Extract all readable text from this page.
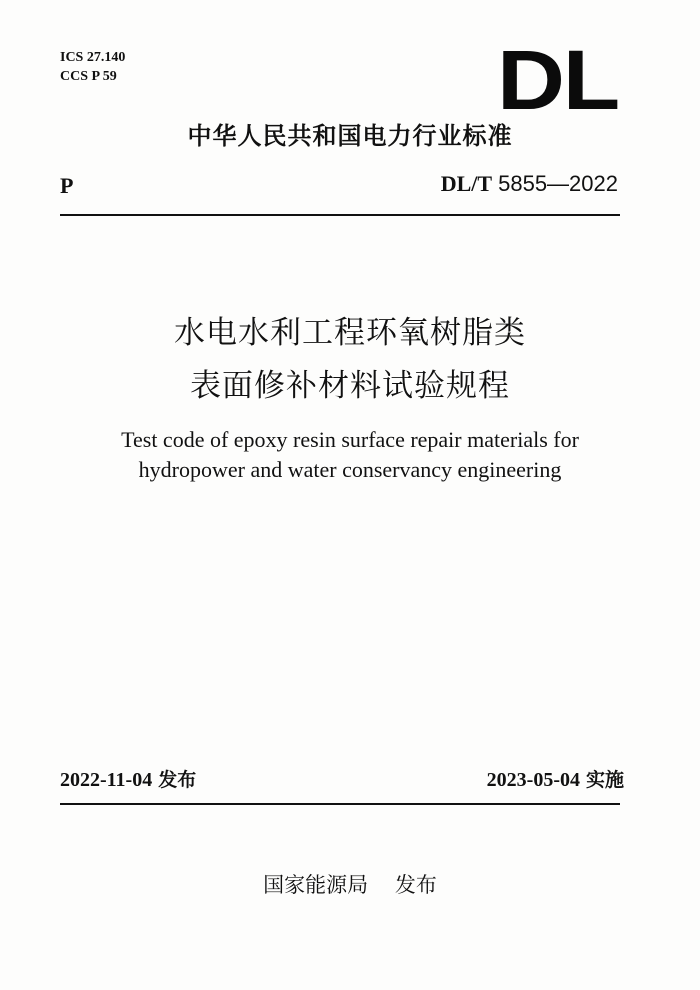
ICS 27.140
CCS P 59	DL
中华人民共和国电力行业标准
P	DL/T 5855—2022
水电水利工程环氧树脂类
表面修补材料试验规程
Test code of epoxy resin surface repair materials for
hydropower and water conservancy engineering
2022-11-04 发布	2023-05-04 实施
国家能源局 发布
